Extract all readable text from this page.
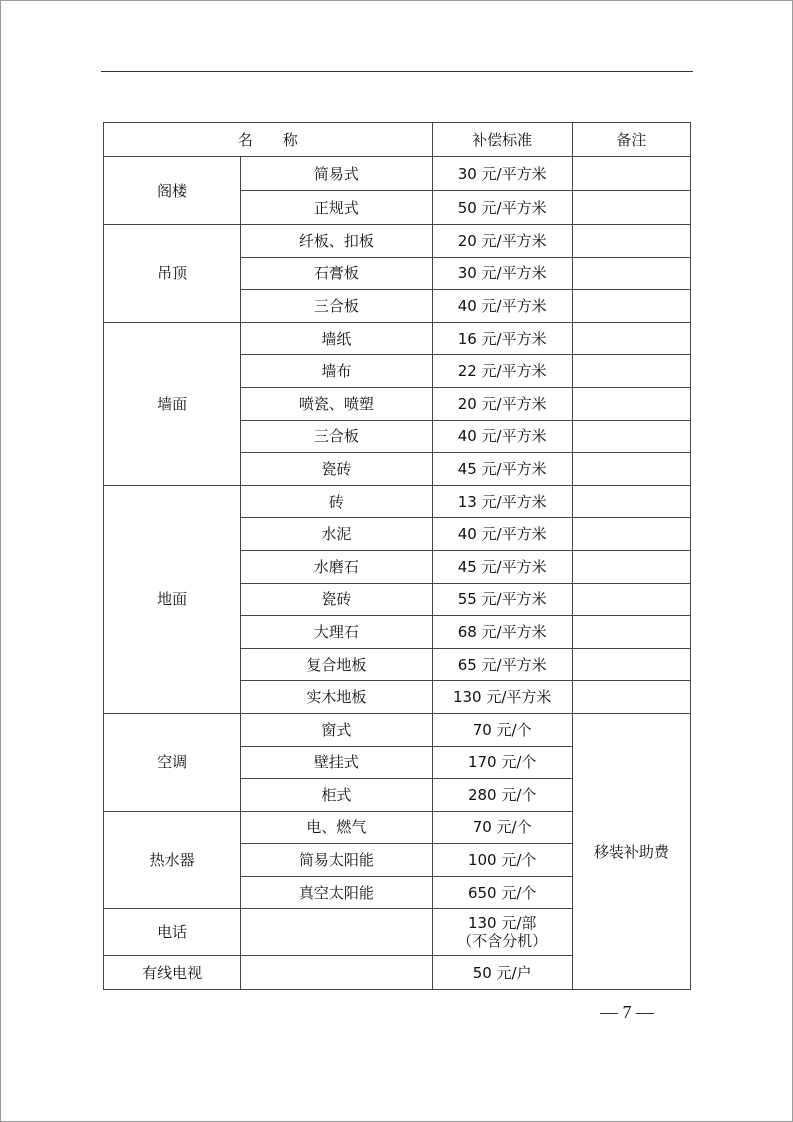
名　　称		补偿标准	备注
阁楼	简易式	30 元/平方米	
	正规式	50 元/平方米	
吊顶	纤板、扣板	20 元/平方米	
	石膏板	30 元/平方米	
	三合板	40 元/平方米	
墙面	墙纸	16 元/平方米	
	墙布	22 元/平方米	
	喷瓷、喷塑	20 元/平方米	
	三合板	40 元/平方米	
	瓷砖	45 元/平方米	
地面	砖	13 元/平方米	
	水泥	40 元/平方米	
	水磨石	45 元/平方米	
	瓷砖	55 元/平方米	
	大理石	68 元/平方米	
	复合地板	65 元/平方米	
	实木地板	130 元/平方米	
空调	窗式	70 元/个	移装补助费
	壁挂式	170 元/个	
	柜式	280 元/个	
热水器	电、燃气	70 元/个	
	简易太阳能	100 元/个	
	真空太阳能	650 元/个	
电话		130 元/部
（不含分机）	

有线电视		50 元/户	
— 7 —
